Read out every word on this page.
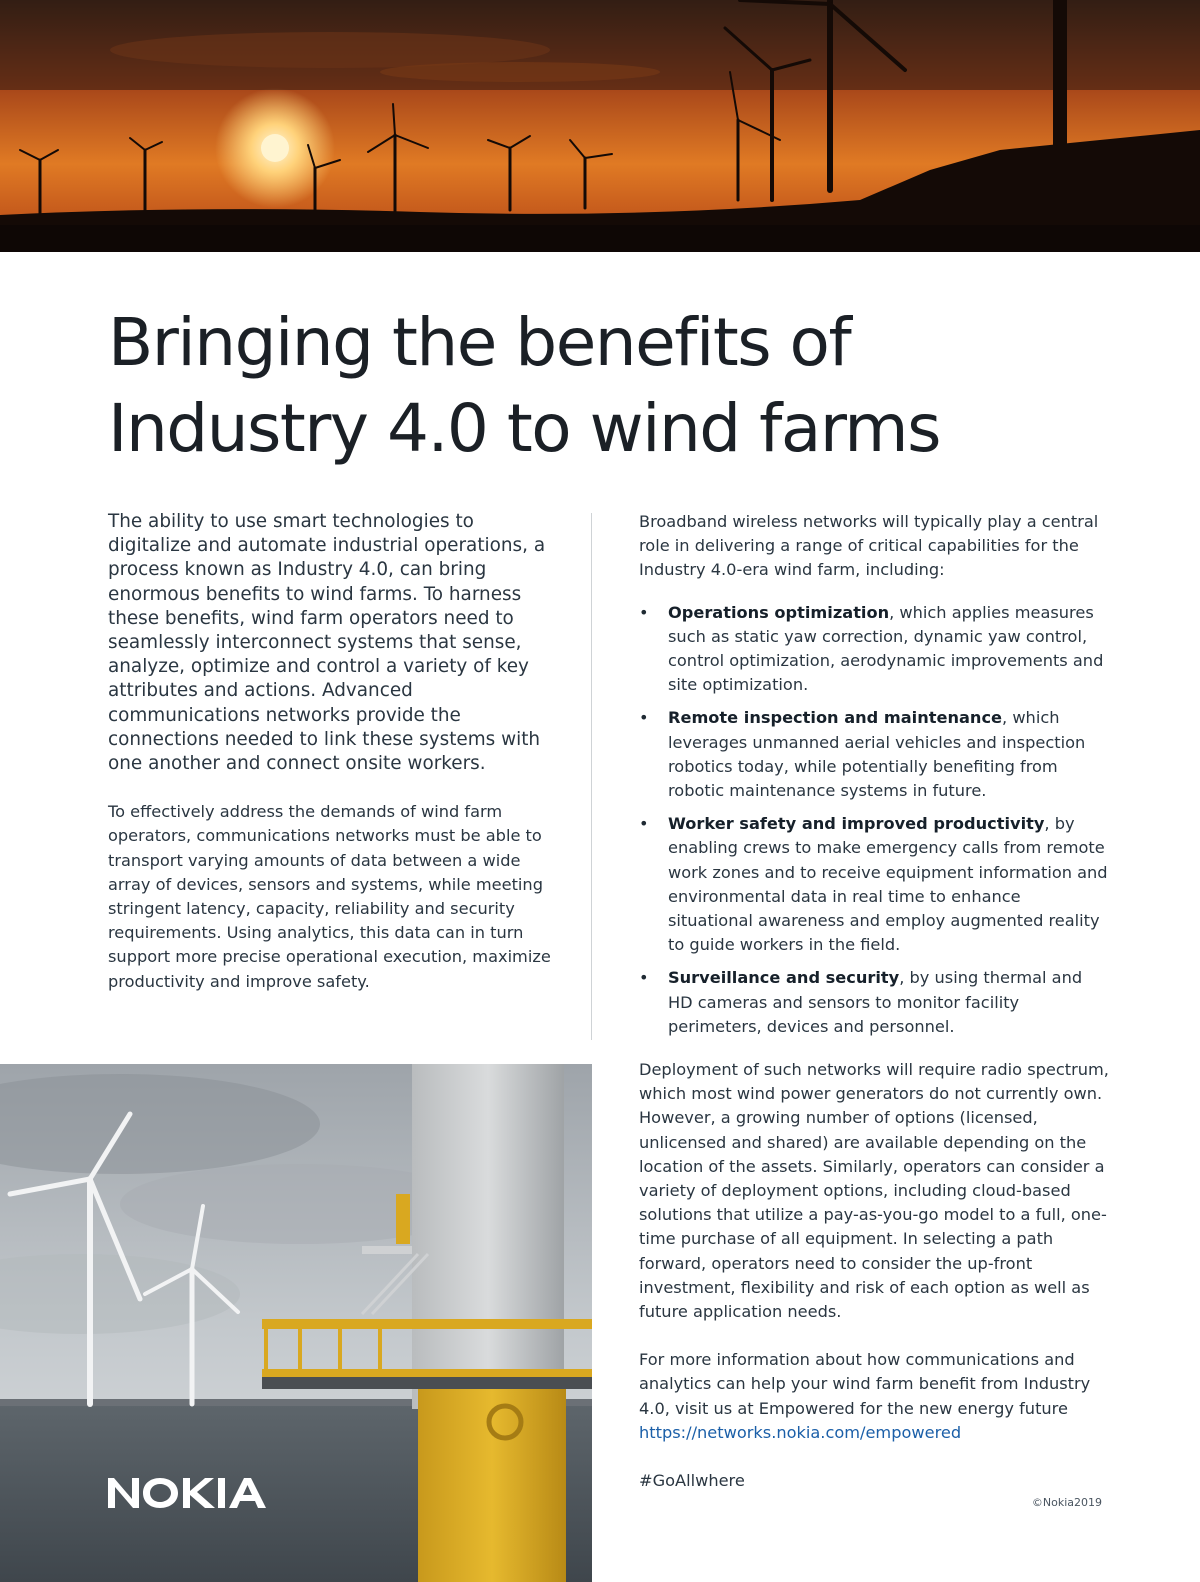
Bringing the benefits of
Industry 4.0 to wind farms

The ability to use smart technologies to digitalize and automate industrial operations, a process known as Industry 4.0, can bring enormous benefits to wind farms. To harness these benefits, wind farm operators need to seamlessly interconnect systems that sense, analyze, optimize and control a variety of key attributes and actions. Advanced communications networks provide the connections needed to link these systems with one another and connect onsite workers.

To effectively address the demands of wind farm operators, communications networks must be able to transport varying amounts of data between a wide array of devices, sensors and systems, while meeting stringent latency, capacity, reliability and security requirements. Using analytics, this data can in turn support more precise operational execution, maximize productivity and improve safety.

Broadband wireless networks will typically play a central role in delivering a range of critical capabilities for the Industry 4.0-era wind farm, including:

• Operations optimization, which applies measures such as static yaw correction, dynamic yaw control, control optimization, aerodynamic improvements and site optimization.
• Remote inspection and maintenance, which leverages unmanned aerial vehicles and inspection robotics today, while potentially benefiting from robotic maintenance systems in future.
• Worker safety and improved productivity, by enabling crews to make emergency calls from remote work zones and to receive equipment information and environmental data in real time to enhance situational awareness and employ augmented reality to guide workers in the field.
• Surveillance and security, by using thermal and HD cameras and sensors to monitor facility perimeters, devices and personnel.

Deployment of such networks will require radio spectrum, which most wind power generators do not currently own. However, a growing number of options (licensed, unlicensed and shared) are available depending on the location of the assets. Similarly, operators can consider a variety of deployment options, including cloud-based solutions that utilize a pay-as-you-go model to a full, one-time purchase of all equipment. In selecting a path forward, operators need to consider the up-front investment, flexibility and risk of each option as well as future application needs.

For more information about how communications and analytics can help your wind farm benefit from Industry 4.0, visit us at Empowered for the new energy future
https://networks.nokia.com/empowered

#GoAllwhere

©Nokia2019
